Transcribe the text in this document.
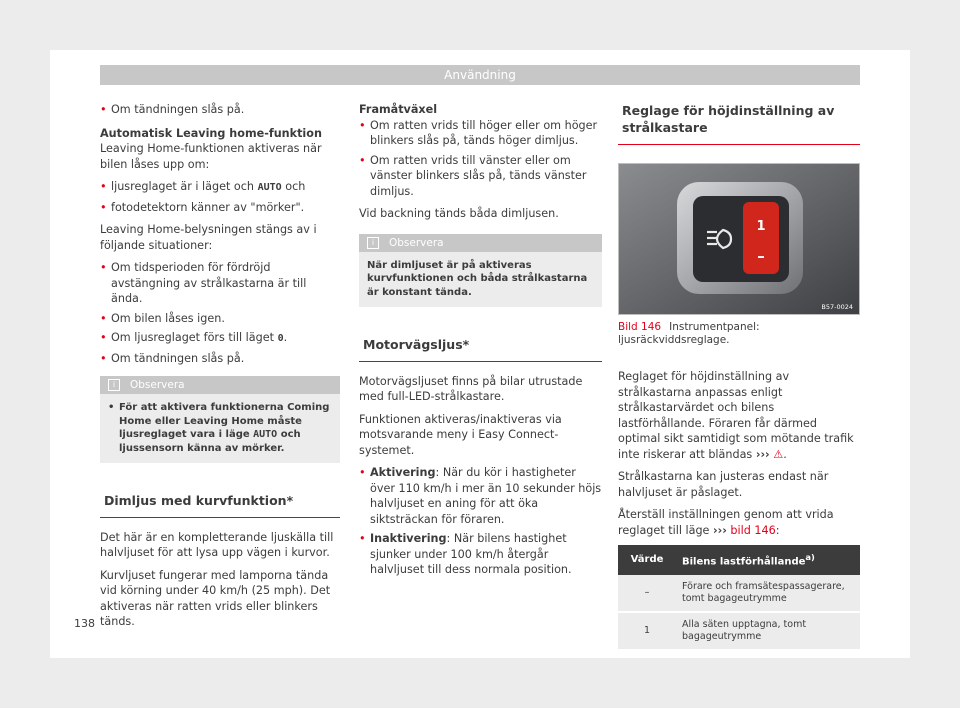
Användning

• Om tändningen slås på.

Automatisk Leaving home-funktion

Leaving Home-funktionen aktiveras när bilen låses upp om:

• ljusreglaget är i läget och AUTO och

• fotodetektorn känner av "mörker".

Leaving Home-belysningen stängs av i följande situationer:

• Om tidsperioden för fördröjd avstängning av strålkastarna är till ända.

• Om bilen låses igen.

• Om ljusreglaget förs till läget 0.

• Om tändningen slås på.

i Observera

• För att aktivera funktionerna Coming Home eller Leaving Home måste ljusreglaget vara i läge AUTO och ljussensorn känna av mörker.

Dimljus med kurvfunktion*

Det här är en kompletterande ljuskälla till halvljuset för att lysa upp vägen i kurvor.

Kurvljuset fungerar med lamporna tända vid körning under 40 km/h (25 mph). Det aktiveras när ratten vrids eller blinkers tänds.

Framåtväxel

• Om ratten vrids till höger eller om höger blinkers slås på, tänds höger dimljus.

• Om ratten vrids till vänster eller om vänster blinkers slås på, tänds vänster dimljus.

Vid backning tänds båda dimljusen.

i Observera
När dimljuset är på aktiveras kurvfunktionen och båda strålkastarna är konstant tända.
Motorvägsljus*

Motorvägsljuset finns på bilar utrustade med full-LED-strålkastare.

Funktionen aktiveras/inaktiveras via motsvarande meny i Easy Connect-systemet.

• Aktivering: När du kör i hastigheter över 110 km/h i mer än 10 sekunder höjs halvljuset en aning för att öka siktsträckan för föraren.

• Inaktivering: När bilens hastighet sjunker under 100 km/h återgår halvljuset till dess normala position.

Reglage för höjdinställning av strålkastare
1
–
B57-0024
Bild 146 Instrumentpanel: ljusräckviddsreglage.

Reglaget för höjdinställning av strålkastarna anpassas enligt strålkastarvärdet och bilens lastförhållande. Föraren får därmed optimal sikt samtidigt som mötande trafik inte riskerar att bländas ››› ⚠.

Strålkastarna kan justeras endast när halvljuset är påslaget.

Återställ inställningen genom att vrida reglaget till läge ››› bild 146:

Värde	Bilens lastförhållande$^{a)}$
–	Förare och framsätespassagerare, tomt bagageutrymme
1	Alla säten upptagna, tomt bagageutrymme
138
